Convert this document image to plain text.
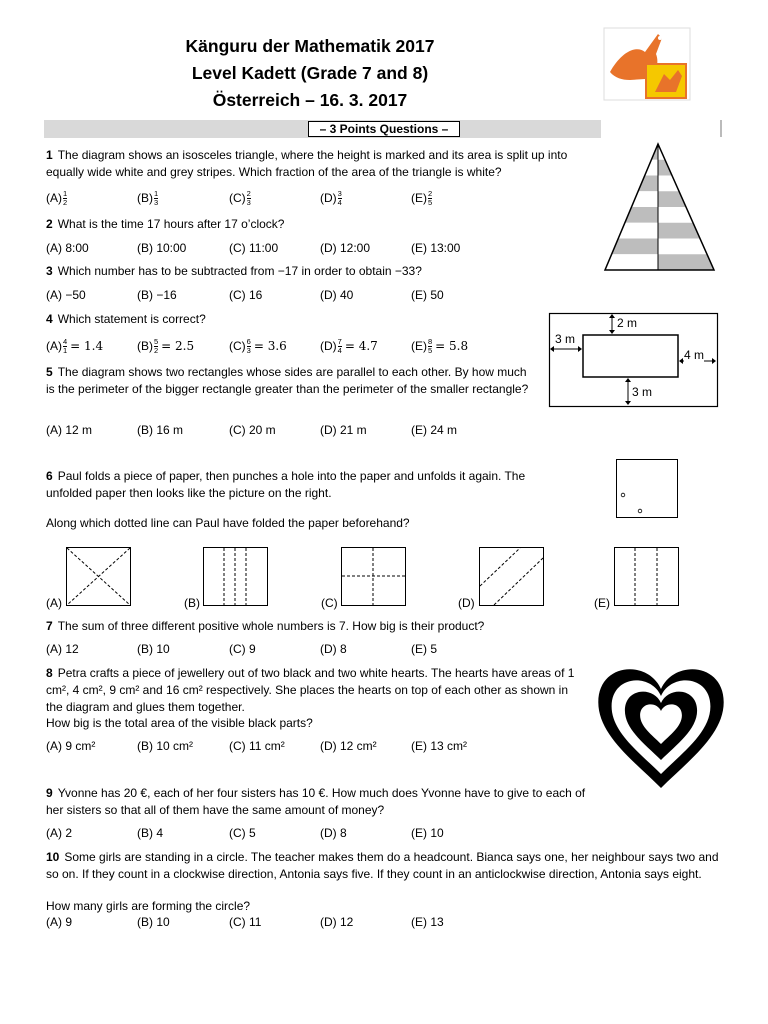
Känguru der Mathematik 2017
Level Kadett (Grade 7 and 8)
Österreich – 16. 3. 2017
– 3 Points Questions –
1 The diagram shows an isosceles triangle, where the height is marked and its area is split up into equally wide white and grey stripes. Which fraction of the area of the triangle is white?
2 What is the time 17 hours after 17 o’clock?
3 Which number has to be subtracted from −17 in order to obtain −33?
4 Which statement is correct?	2 m
3 m
4 m
3 m
5 The diagram shows two rectangles whose sides are parallel to each other. By how much is the perimeter of the bigger rectangle greater than the perimeter of the smaller rectangle?
6 Paul folds a piece of paper, then punches a hole into the paper and unfolds it again. The unfolded paper then looks like the picture on the right.
Along which dotted line can Paul have folded the paper beforehand?
(A)	(B)	(C)	(D)	(E)
7 The sum of three different positive whole numbers is 7. How big is their product?
8 Petra crafts a piece of jewellery out of two black and two white hearts. The hearts have areas of 1 cm², 4 cm², 9 cm² and 16 cm² respectively. She places the hearts on top of each other as shown in the diagram and glues them together.
How big is the total area of the visible black parts?
9 Yvonne has 20 €, each of her four sisters has 10 €. How much does Yvonne have to give to each of her sisters so that all of them have the same amount of money?
10 Some girls are standing in a circle. The teacher makes them do a headcount. Bianca says one, her neighbour says two and so on. If they count in a clockwise direction, Antonia says five. If they count in an anticlockwise direction, Antonia says eight.
How many girls are forming the circle?
(A) 8:00	(B) 10:00	(C) 11:00	(D) 12:00	(E) 13:00
(A) −50	(B) −16	(C) 16	(D) 40	(E) 50
(A) 12 m	(B) 16 m	(C) 20 m	(D) 21 m	(E) 24 m
(A) 12	(B) 10	(C) 9	(D) 8	(E) 5
(A) 9 cm²	(B) 10 cm²	(C) 11 cm²	(D) 12 cm²	(E) 13 cm²
(A) 2	(B) 4	(C) 5	(D) 8	(E) 10
(A) 9	(B) 10	(C) 11	(D) 12	(E) 13
$(A) \frac{1}{2}$	$(B) \frac{1}{3}$	$(C) \frac{2}{3}$	$(D) \frac{3}{4}$	$(E) \frac{2}{5}$
$(A) \frac{4}{1} = 1.4$	$(B) \frac{5}{2} = 2.5$	$(C) \frac{6}{3} = 3.6$	$(D) \frac{7}{4} = 4.7$	$(E) \frac{8}{5} = 5.8$
